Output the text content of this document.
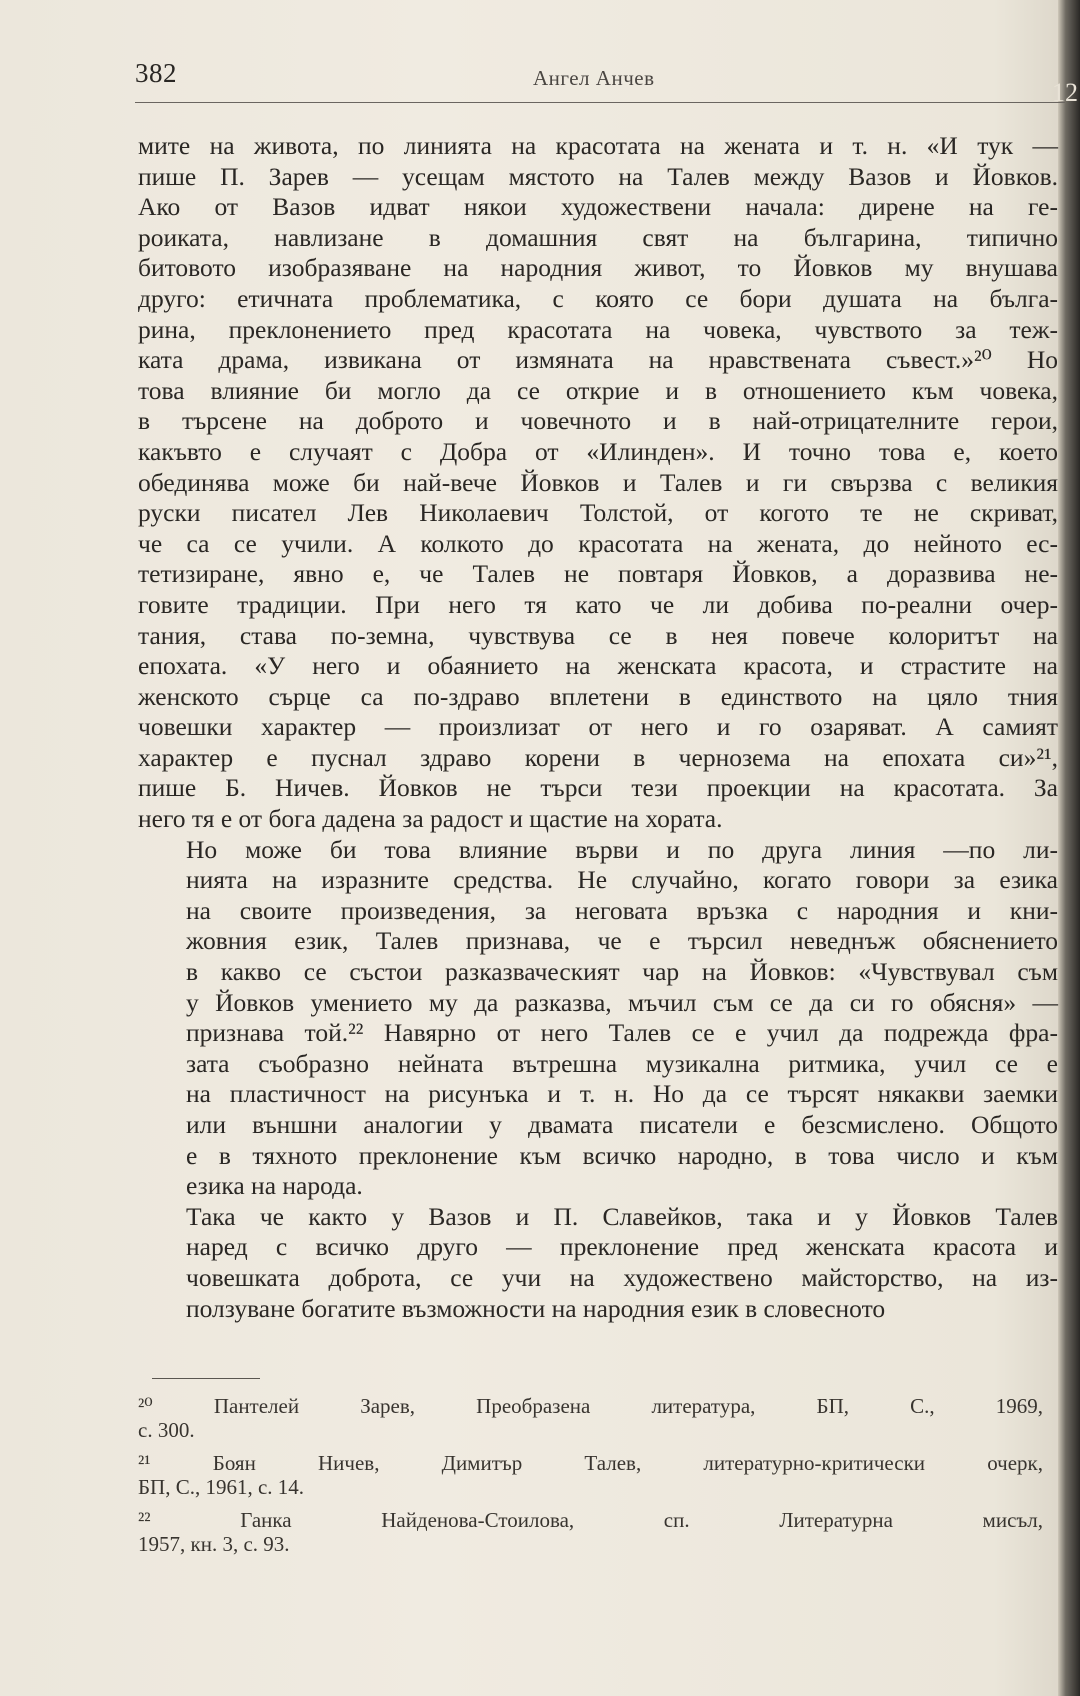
12
382	Ангел Анчев

мите на живота, по линията на красотата на жената и т. н. «И тук —
пише П. Зарев — усещам мястото на Талев между Вазов и Йовков.
Ако от Вазов идват някои художествени начала: дирене на ге-
роиката, навлизане в домашния свят на българина, типично
битовото изобразяване на народния живот, то Йовков му внушава
друго: етичната проблематика, с която се бори душата на бълга-
рина, преклонението пред красотата на човека, чувството за теж-
ката драма, извикана от измяната на нравствената съвест.»²⁰ Но
това влияние би могло да се открие и в отношението към човека,
в търсене на доброто и човечното и в най-отрицателните герои,
какъвто е случаят с Добра от «Илинден». И точно това е, което
обединява може би най-вече Йовков и Талев и ги свързва с великия
руски писател Лев Николаевич Толстой, от когото те не скриват,
че са се учили. А колкото до красотата на жената, до нейното ес-
тетизиране, явно е, че Талев не повтаря Йовков, а доразвива не-
говите традиции. При него тя като че ли добива по-реални очер-
тания, става по-земна, чувствува се в нея повече колоритът на
епохата. «У него и обаянието на женската красота, и страстите на
женското сърце са по-здраво вплетени в единството на цяло тния
човешки характер — произлизат от него и го озаряват. А самият
характер е пуснал здраво корени в чернозема на епохата си»²¹,
пише Б. Ничев. Йовков не търси тези проекции на красотата. За
него тя е от бога дадена за радост и щастие на хората.

Но може би това влияние върви и по друга линия —по ли-
нията на изразните средства. Не случайно, когато говори за езика
на своите произведения, за неговата връзка с народния и кни-
жовния език, Талев признава, че е търсил неведнъж обяснението
в какво се състои разказваческият чар на Йовков: «Чувствувал съм
у Йовков умението му да разказва, мъчил съм се да си го обясня» —
признава той.²² Навярно от него Талев се е учил да подрежда фра-
зата съобразно нейната вътрешна музикална ритмика, учил се е
на пластичност на рисунъка и т. н. Но да се търсят някакви заемки
или външни аналогии у двамата писатели е безсмислено. Общото
е в тяхното преклонение към всичко народно, в това число и към
езика на народа.

Така че както у Вазов и П. Славейков, така и у Йовков Талев
наред с всичко друго — преклонение пред женската красота и
човешката доброта, се учи на художествено майсторство, на из-
ползуване богатите възможности на народния език в словесното

²⁰ Пантелей Зарев, Преобразена литература, БП, С., 1969,
с. 300.
²¹ Боян Ничев, Димитър Талев, литературно-критически очерк,
БП, С., 1961, с. 14.
²² Ганка Найденова-Стоилова, сп. Литературна мисъл,
1957, кн. 3, с. 93.
